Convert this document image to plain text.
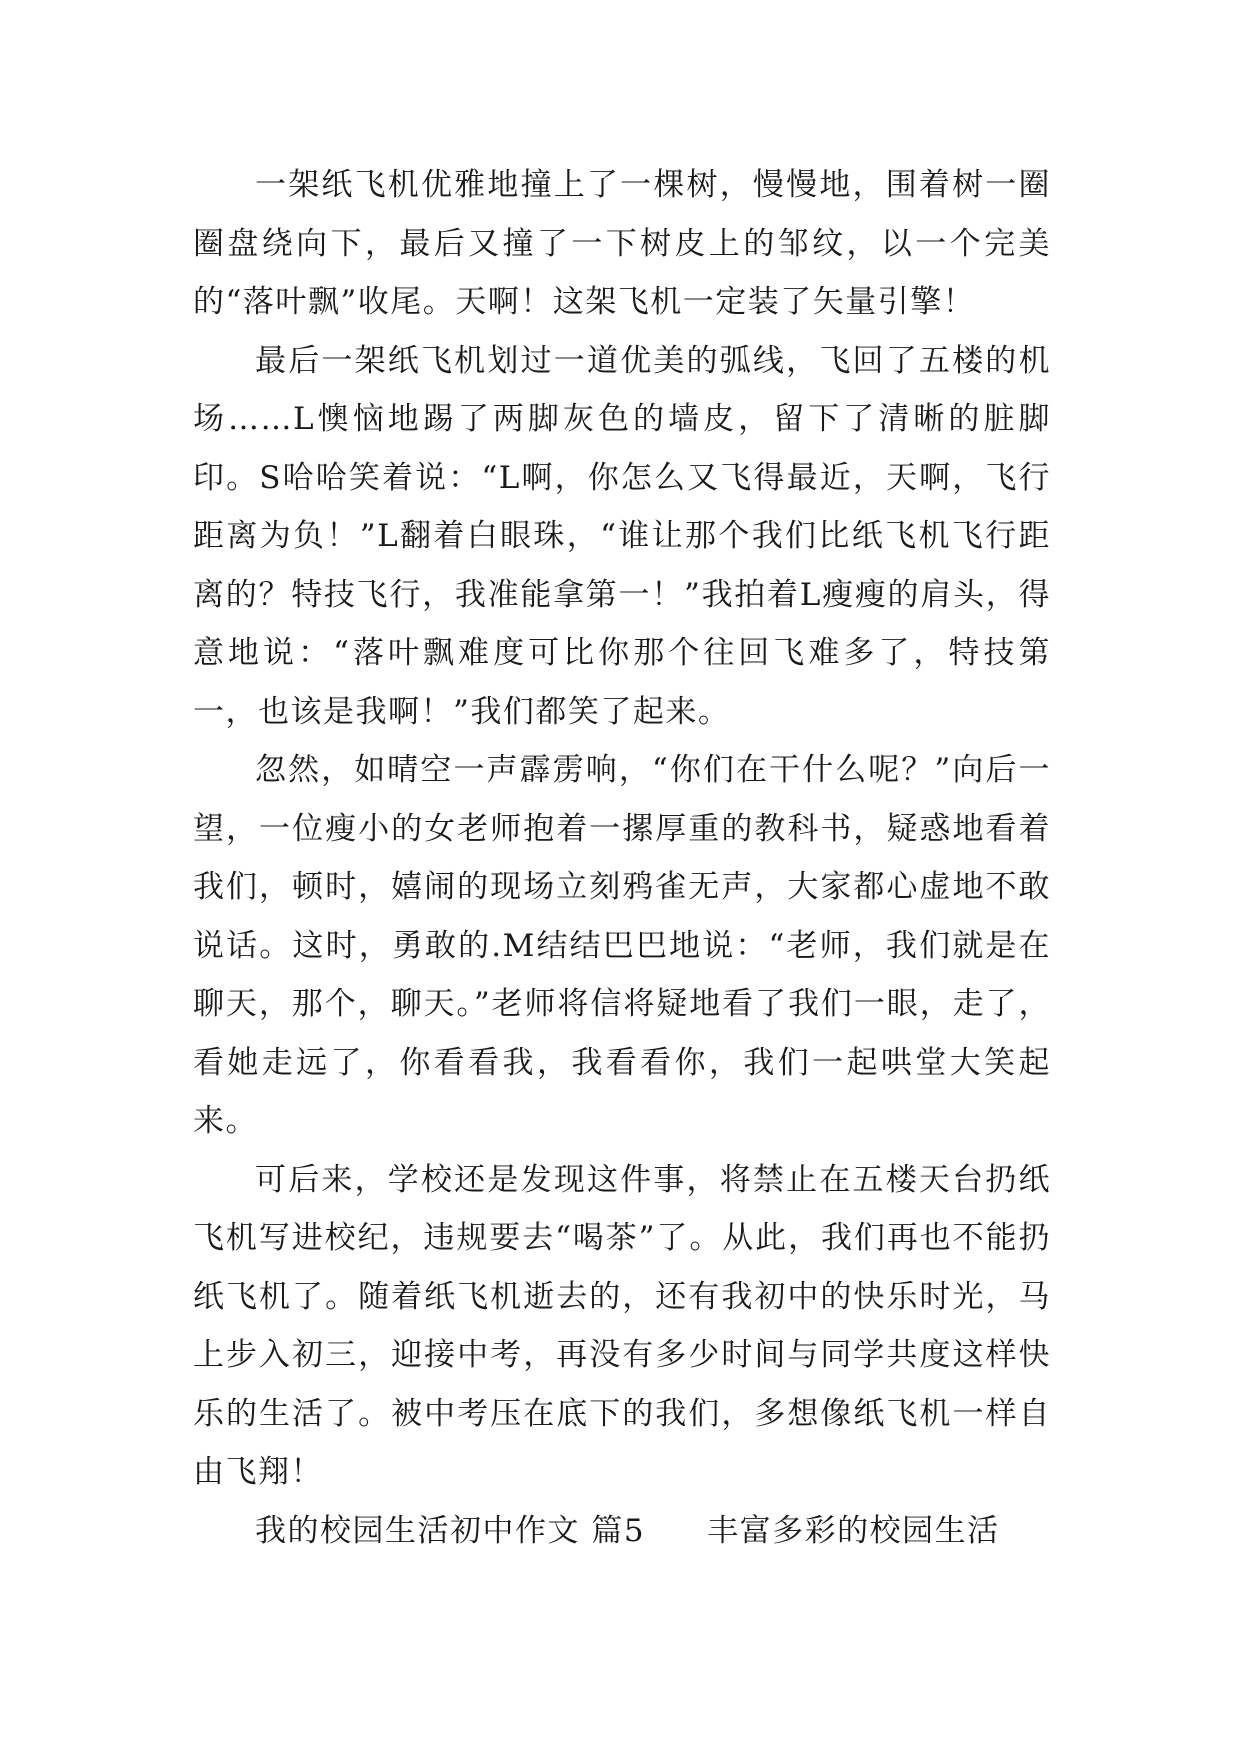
一架纸飞机优雅地撞上了一棵树，慢慢地，围着树一圈圈盘绕向下，最后又撞了一下树皮上的邹纹，以一个完美的“落叶飘”收尾。天啊！这架飞机一定装了矢量引擎！

最后一架纸飞机划过一道优美的弧线，飞回了五楼的机场……L懊恼地踢了两脚灰色的墙皮，留下了清晰的脏脚印。S哈哈笑着说：“L啊，你怎么又飞得最近，天啊，飞行距离为负！”L翻着白眼珠，“谁让那个我们比纸飞机飞行距离的？特技飞行，我准能拿第一！”我拍着L瘦瘦的肩头，得意地说：“落叶飘难度可比你那个往回飞难多了，特技第一，也该是我啊！”我们都笑了起来。

忽然，如晴空一声霹雳响，“你们在干什么呢？”向后一望，一位瘦小的女老师抱着一摞厚重的教科书，疑惑地看着我们，顿时，嬉闹的现场立刻鸦雀无声，大家都心虚地不敢说话。这时，勇敢的.M结结巴巴地说：“老师，我们就是在聊天，那个，聊天。”老师将信将疑地看了我们一眼，走了，看她走远了，你看看我，我看看你，我们一起哄堂大笑起来。

可后来，学校还是发现这件事，将禁止在五楼天台扔纸飞机写进校纪，违规要去“喝茶”了。从此，我们再也不能扔纸飞机了。随着纸飞机逝去的，还有我初中的快乐时光，马上步入初三，迎接中考，再没有多少时间与同学共度这样快乐的生活了。被中考压在底下的我们，多想像纸飞机一样自由飞翔！

我的校园生活初中作文 篇5 丰富多彩的校园生活
